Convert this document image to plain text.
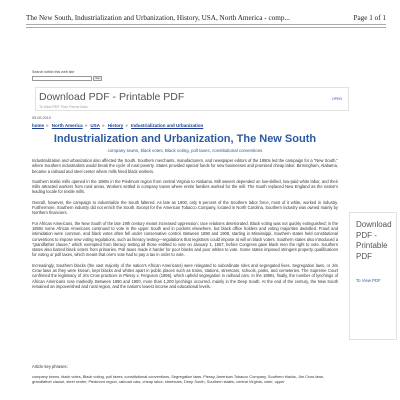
The New South, Industrialization and Urbanization, History, USA, North America - comp...	Page 1 of 1
Search within this web site
Go
Download PDF - Printable PDF
To View PDF Free Forms Now
OPEN
05.06.2010
home » North America » USA » History » Industrialization and Urbanization
Industrialization and Urbanization, The New South
company towns, black votes, Black voting, poll taxes, constitutional conventions

Industrialization and urbanization also affected the South. Southern merchants, manufacturers, and newspaper editors of the 1880s led the campaign for a "New South," where Southern industrialists would break the cycle of rural poverty. States provided special funds for new businesses and promised cheap labor. Birmingham, Alabama, became a railroad and steel center where mills hired black workers.

Southern textile mills opened in the 1880s in the Piedmont region from central Virginia to Alabama. Mill owners depended on low-skilled, low-paid white labor, and their mills attracted workers from rural areas. Workers settled in company towns where entire families worked for the mill. The South replaced New England as the nation's leading locale for textile mills.

Overall, however, the campaign to industrialize the South faltered. As late as 1900, only 6 percent of the Southern labor force, most of it white, worked in industry. Furthermore, Southern industry did not enrich the South. Except for the American Tobacco Company, located in North Carolina, Southern industry was owned mainly by Northern financiers.

For African Americans, the New South of the late 19th century meant increased oppression: race relations deteriorated. Black voting was not quickly extinguished; in the 1880s some African Americans continued to vote in the upper South and in pockets elsewhere, but black office holders and voting majorities dwindled. Fraud and intimidation were common, and black votes often fell under conservative control. Between 1890 and 1908, starting in Mississippi, Southern states held constitutional conventions to impose new voting regulations, such as literacy testing—regulations that registrars could impose at will on black voters. Southern states also introduced a "grandfather clause," which exempted from literacy testing all those entitled to vote on January 1, 1867, before Congress gave black men the right to vote. Southern states also barred black voters from primaries. Poll taxes made it harder for poor blacks and poor whites to vote. Some states imposed stringent property qualifications for voting or poll taxes, which meant that one's vote had to pay a tax in order to vote.

Increasingly, Southern blacks (the vast majority of the nation's African Americans) were relegated to subordinate roles and segregated lives. Segregation laws, or Jim Crow laws as they were known, kept blacks and whites apart in public places such as trains, stations, streetcars, schools, parks, and cemeteries. The Supreme Court confirmed the legitimacy of Jim Crow practices in Plessy v. Ferguson (1896), which upheld segregation in railroad cars. In the 1890s, finally, the number of lynchings of African Americans rose markedly. Between 1890 and 1900, more than 1,200 lynchings occurred, mainly in the Deep South. At the end of the century, the New South remained an impoverished and rural region, and the nation's lowest income and educational levels.

Download PDF - Printable PDF
To View PDF
Article key phrases:
company towns, black votes, Black voting, poll taxes, constitutional conventions, Segregation laws, Plessy, American Tobacco Company, Southern blacks, Jim Crow laws, grandfather clause, steel center, Piedmont region, railroad cars, cheap labor, streetcars, Deep South, Southern states, central Virginia, voter, upper
